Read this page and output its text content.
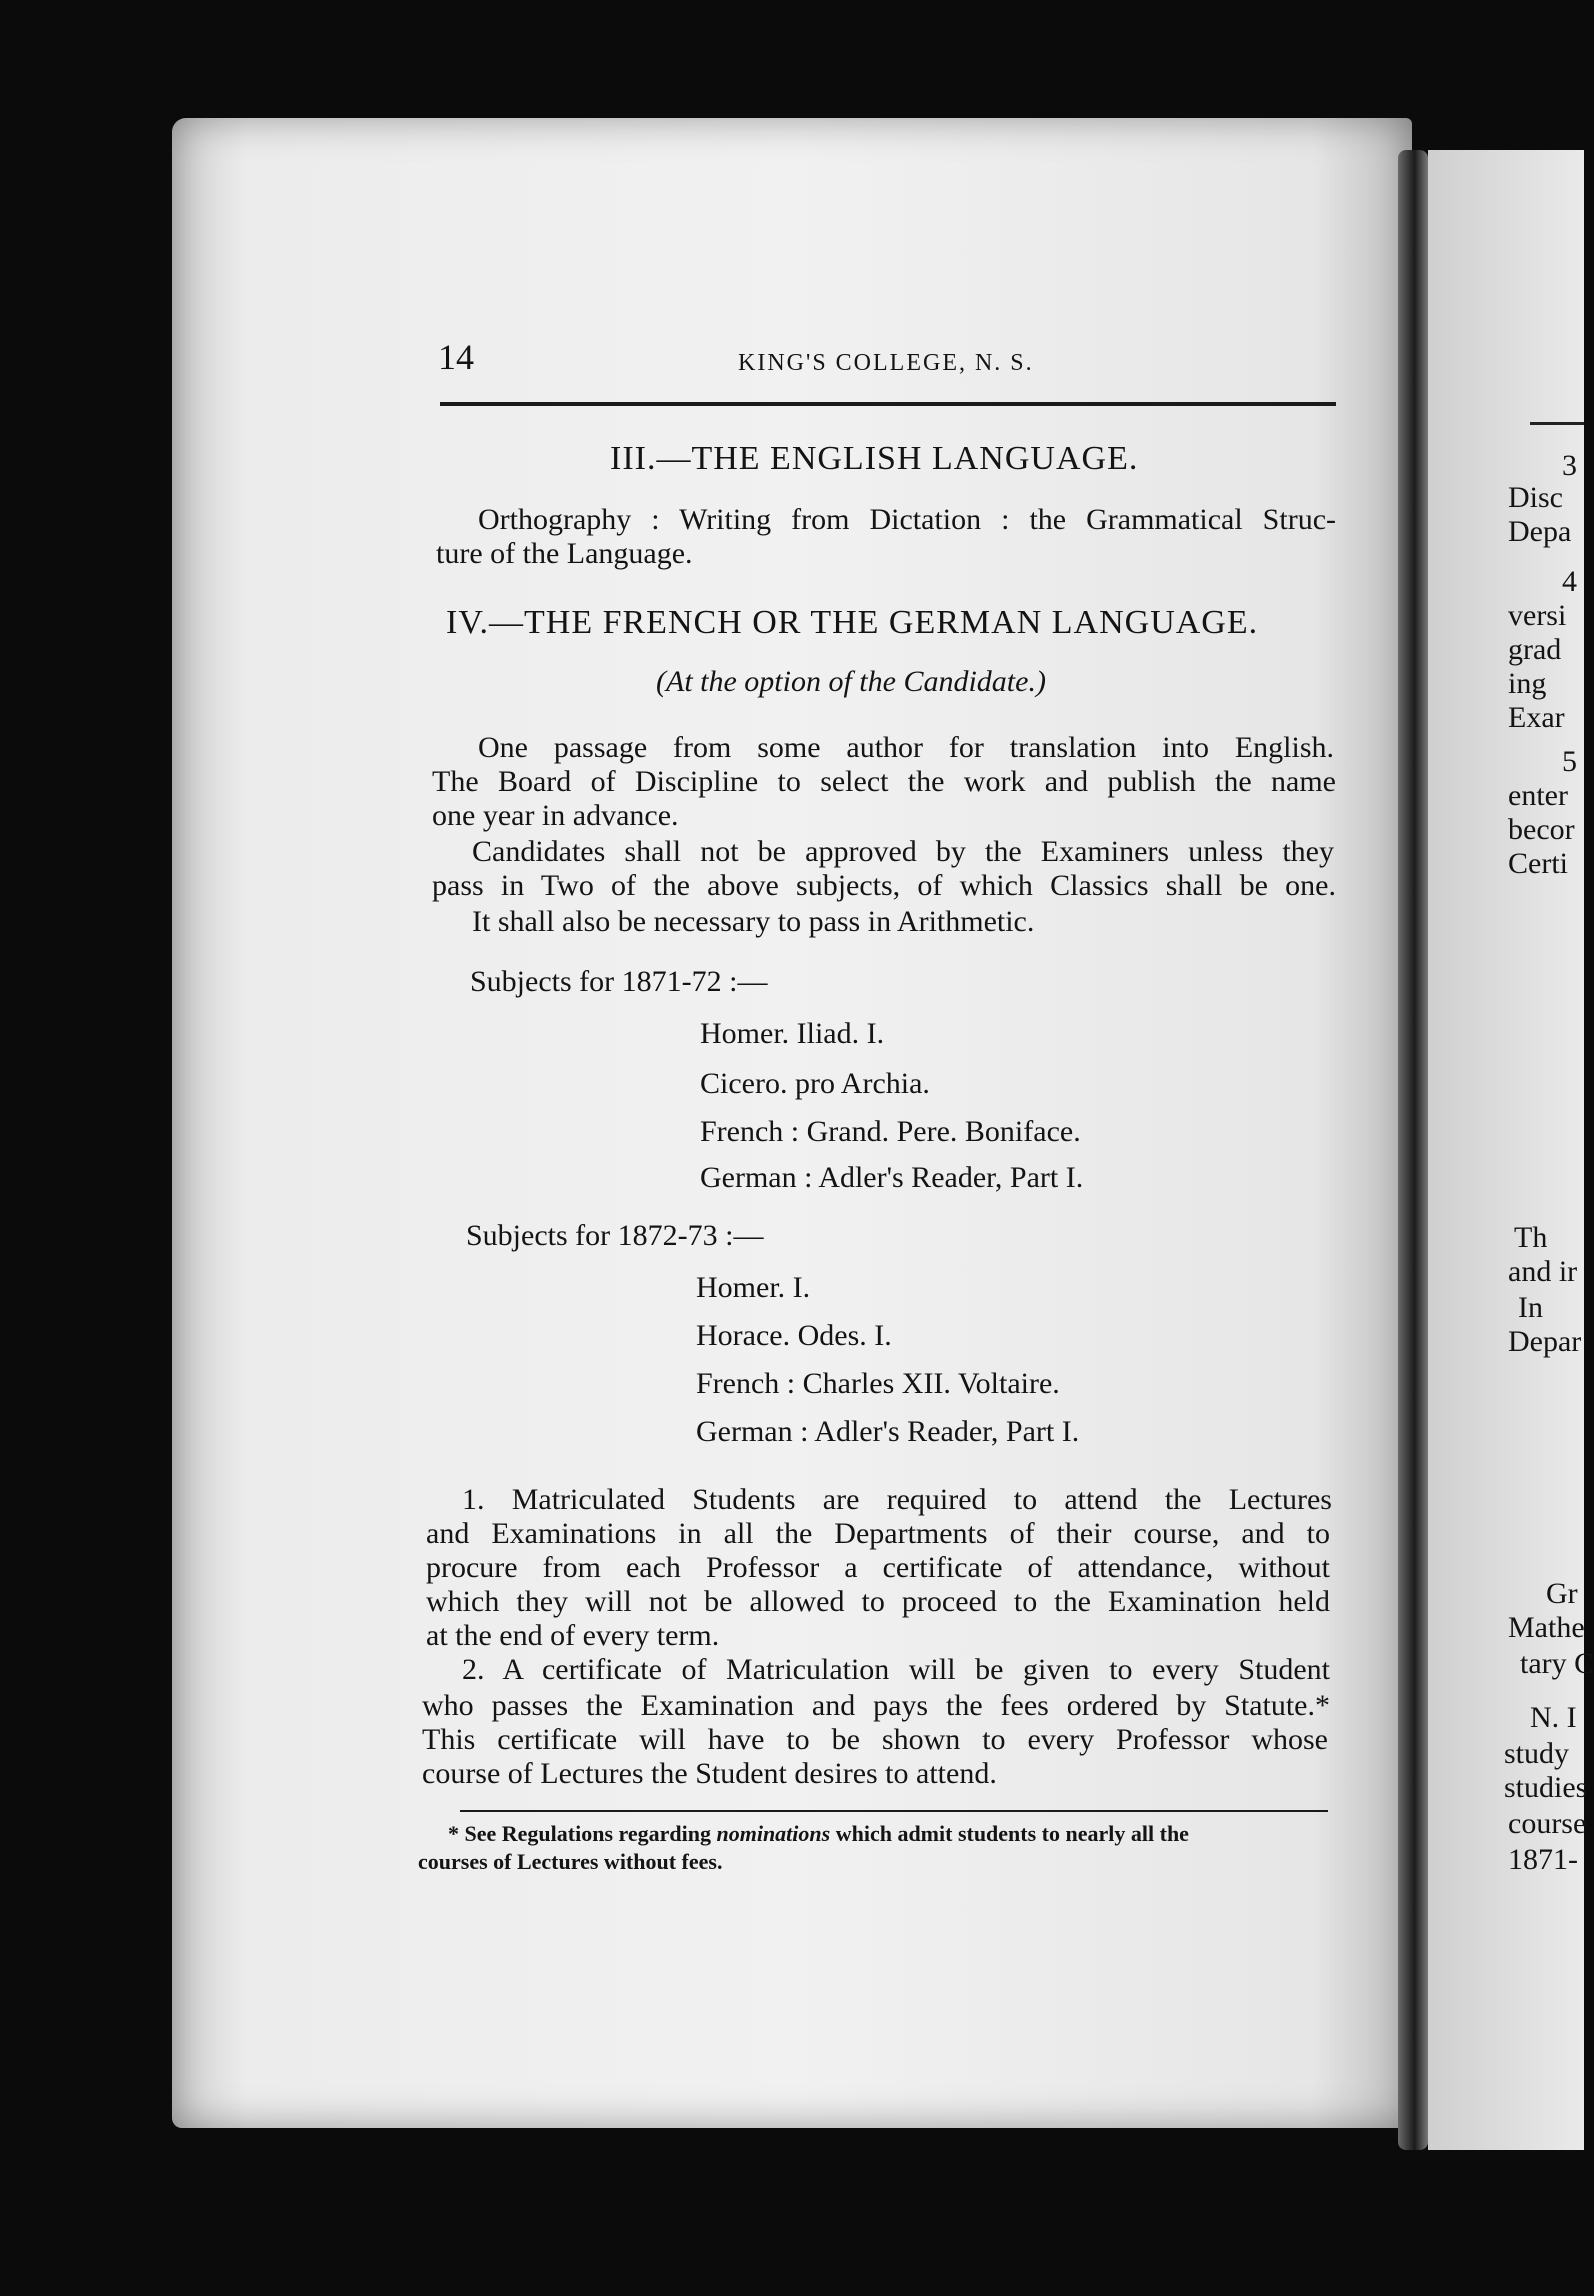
3
Disc
Depa
4
versi
grad
ing
Exar
5
enter
becor
Certi
Th
and ir
In
Depar
Gr
Mathe
tary C
N. I
study
studies
course
1871-
14	KING'S COLLEGE, N. S.
III.—THE ENGLISH LANGUAGE.
Orthography : Writing from Dictation : the Grammatical Struc-
ture of the Language.
IV.—THE FRENCH OR THE GERMAN LANGUAGE.
(At the option of the Candidate.)
One passage from some author for translation into English.
The Board of Discipline to select the work and publish the name
one year in advance.
Candidates shall not be approved by the Examiners unless they
pass in Two of the above subjects, of which Classics shall be one.
It shall also be necessary to pass in Arithmetic.
Subjects for 1871-72 :—
Homer. Iliad. I.
Cicero. pro Archia.
French : Grand. Pere. Boniface.
German : Adler's Reader, Part I.
Subjects for 1872-73 :—
Homer. I.
Horace. Odes. I.
French : Charles XII. Voltaire.
German : Adler's Reader, Part I.
1. Matriculated Students are required to attend the Lectures
and Examinations in all the Departments of their course, and to
procure from each Professor a certificate of attendance, without
which they will not be allowed to proceed to the Examination held
at the end of every term.
2. A certificate of Matriculation will be given to every Student
who passes the Examination and pays the fees ordered by Statute.*
This certificate will have to be shown to every Professor whose
course of Lectures the Student desires to attend.
* See Regulations regarding nominations which admit students to nearly all the
courses of Lectures without fees.
